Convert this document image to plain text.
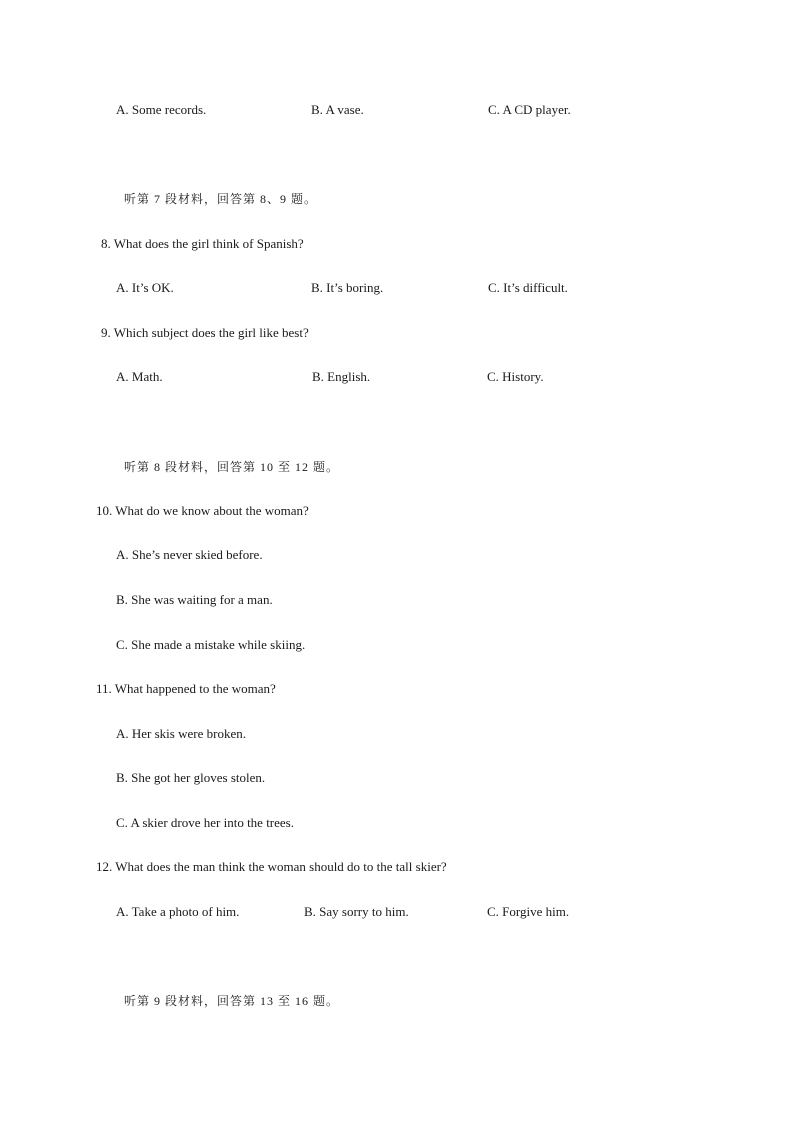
A. Some records.	B. A vase.	C. A CD player.
听第 7 段材料，回答第 8、9 题。
8. What does the girl think of Spanish?
A. It’s OK.	B. It’s boring.	C. It’s difficult.
9. Which subject does the girl like best?
A. Math.	B. English.	C. History.
听第 8 段材料，回答第 10 至 12 题。
10. What do we know about the woman?
A. She’s never skied before.
B. She was waiting for a man.
C. She made a mistake while skiing.
11. What happened to the woman?
A. Her skis were broken.
B. She got her gloves stolen.
C. A skier drove her into the trees.
12. What does the man think the woman should do to the tall skier?
A. Take a photo of him.	B. Say sorry to him.	C. Forgive him.
听第 9 段材料，回答第 13 至 16 题。
